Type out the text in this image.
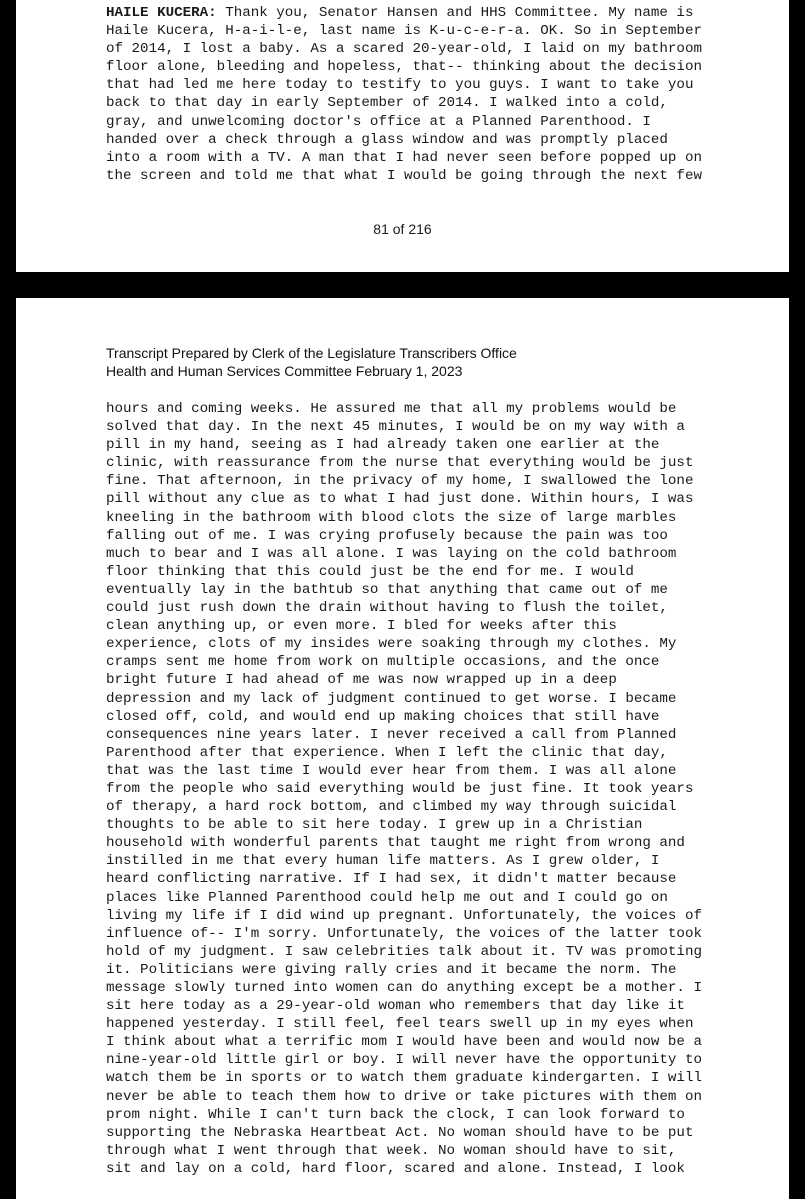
HAILE KUCERA: Thank you, Senator Hansen and HHS Committee. My name is
Haile Kucera, H-a-i-l-e, last name is K-u-c-e-r-a. OK. So in September
of 2014, I lost a baby. As a scared 20-year-old, I laid on my bathroom
floor alone, bleeding and hopeless, that-- thinking about the decision
that had led me here today to testify to you guys. I want to take you
back to that day in early September of 2014. I walked into a cold,
gray, and unwelcoming doctor's office at a Planned Parenthood. I
handed over a check through a glass window and was promptly placed
into a room with a TV. A man that I had never seen before popped up on
the screen and told me that what I would be going through the next few
81 of 216
Transcript Prepared by Clerk of the Legislature Transcribers Office
Health and Human Services Committee February 1, 2023
hours and coming weeks. He assured me that all my problems would be
solved that day. In the next 45 minutes, I would be on my way with a
pill in my hand, seeing as I had already taken one earlier at the
clinic, with reassurance from the nurse that everything would be just
fine. That afternoon, in the privacy of my home, I swallowed the lone
pill without any clue as to what I had just done. Within hours, I was
kneeling in the bathroom with blood clots the size of large marbles
falling out of me. I was crying profusely because the pain was too
much to bear and I was all alone. I was laying on the cold bathroom
floor thinking that this could just be the end for me. I would
eventually lay in the bathtub so that anything that came out of me
could just rush down the drain without having to flush the toilet,
clean anything up, or even more. I bled for weeks after this
experience, clots of my insides were soaking through my clothes. My
cramps sent me home from work on multiple occasions, and the once
bright future I had ahead of me was now wrapped up in a deep
depression and my lack of judgment continued to get worse. I became
closed off, cold, and would end up making choices that still have
consequences nine years later. I never received a call from Planned
Parenthood after that experience. When I left the clinic that day,
that was the last time I would ever hear from them. I was all alone
from the people who said everything would be just fine. It took years
of therapy, a hard rock bottom, and climbed my way through suicidal
thoughts to be able to sit here today. I grew up in a Christian
household with wonderful parents that taught me right from wrong and
instilled in me that every human life matters. As I grew older, I
heard conflicting narrative. If I had sex, it didn't matter because
places like Planned Parenthood could help me out and I could go on
living my life if I did wind up pregnant. Unfortunately, the voices of
influence of-- I'm sorry. Unfortunately, the voices of the latter took
hold of my judgment. I saw celebrities talk about it. TV was promoting
it. Politicians were giving rally cries and it became the norm. The
message slowly turned into women can do anything except be a mother. I
sit here today as a 29-year-old woman who remembers that day like it
happened yesterday. I still feel, feel tears swell up in my eyes when
I think about what a terrific mom I would have been and would now be a
nine-year-old little girl or boy. I will never have the opportunity to
watch them be in sports or to watch them graduate kindergarten. I will
never be able to teach them how to drive or take pictures with them on
prom night. While I can't turn back the clock, I can look forward to
supporting the Nebraska Heartbeat Act. No woman should have to be put
through what I went through that week. No woman should have to sit,
sit and lay on a cold, hard floor, scared and alone. Instead, I look
